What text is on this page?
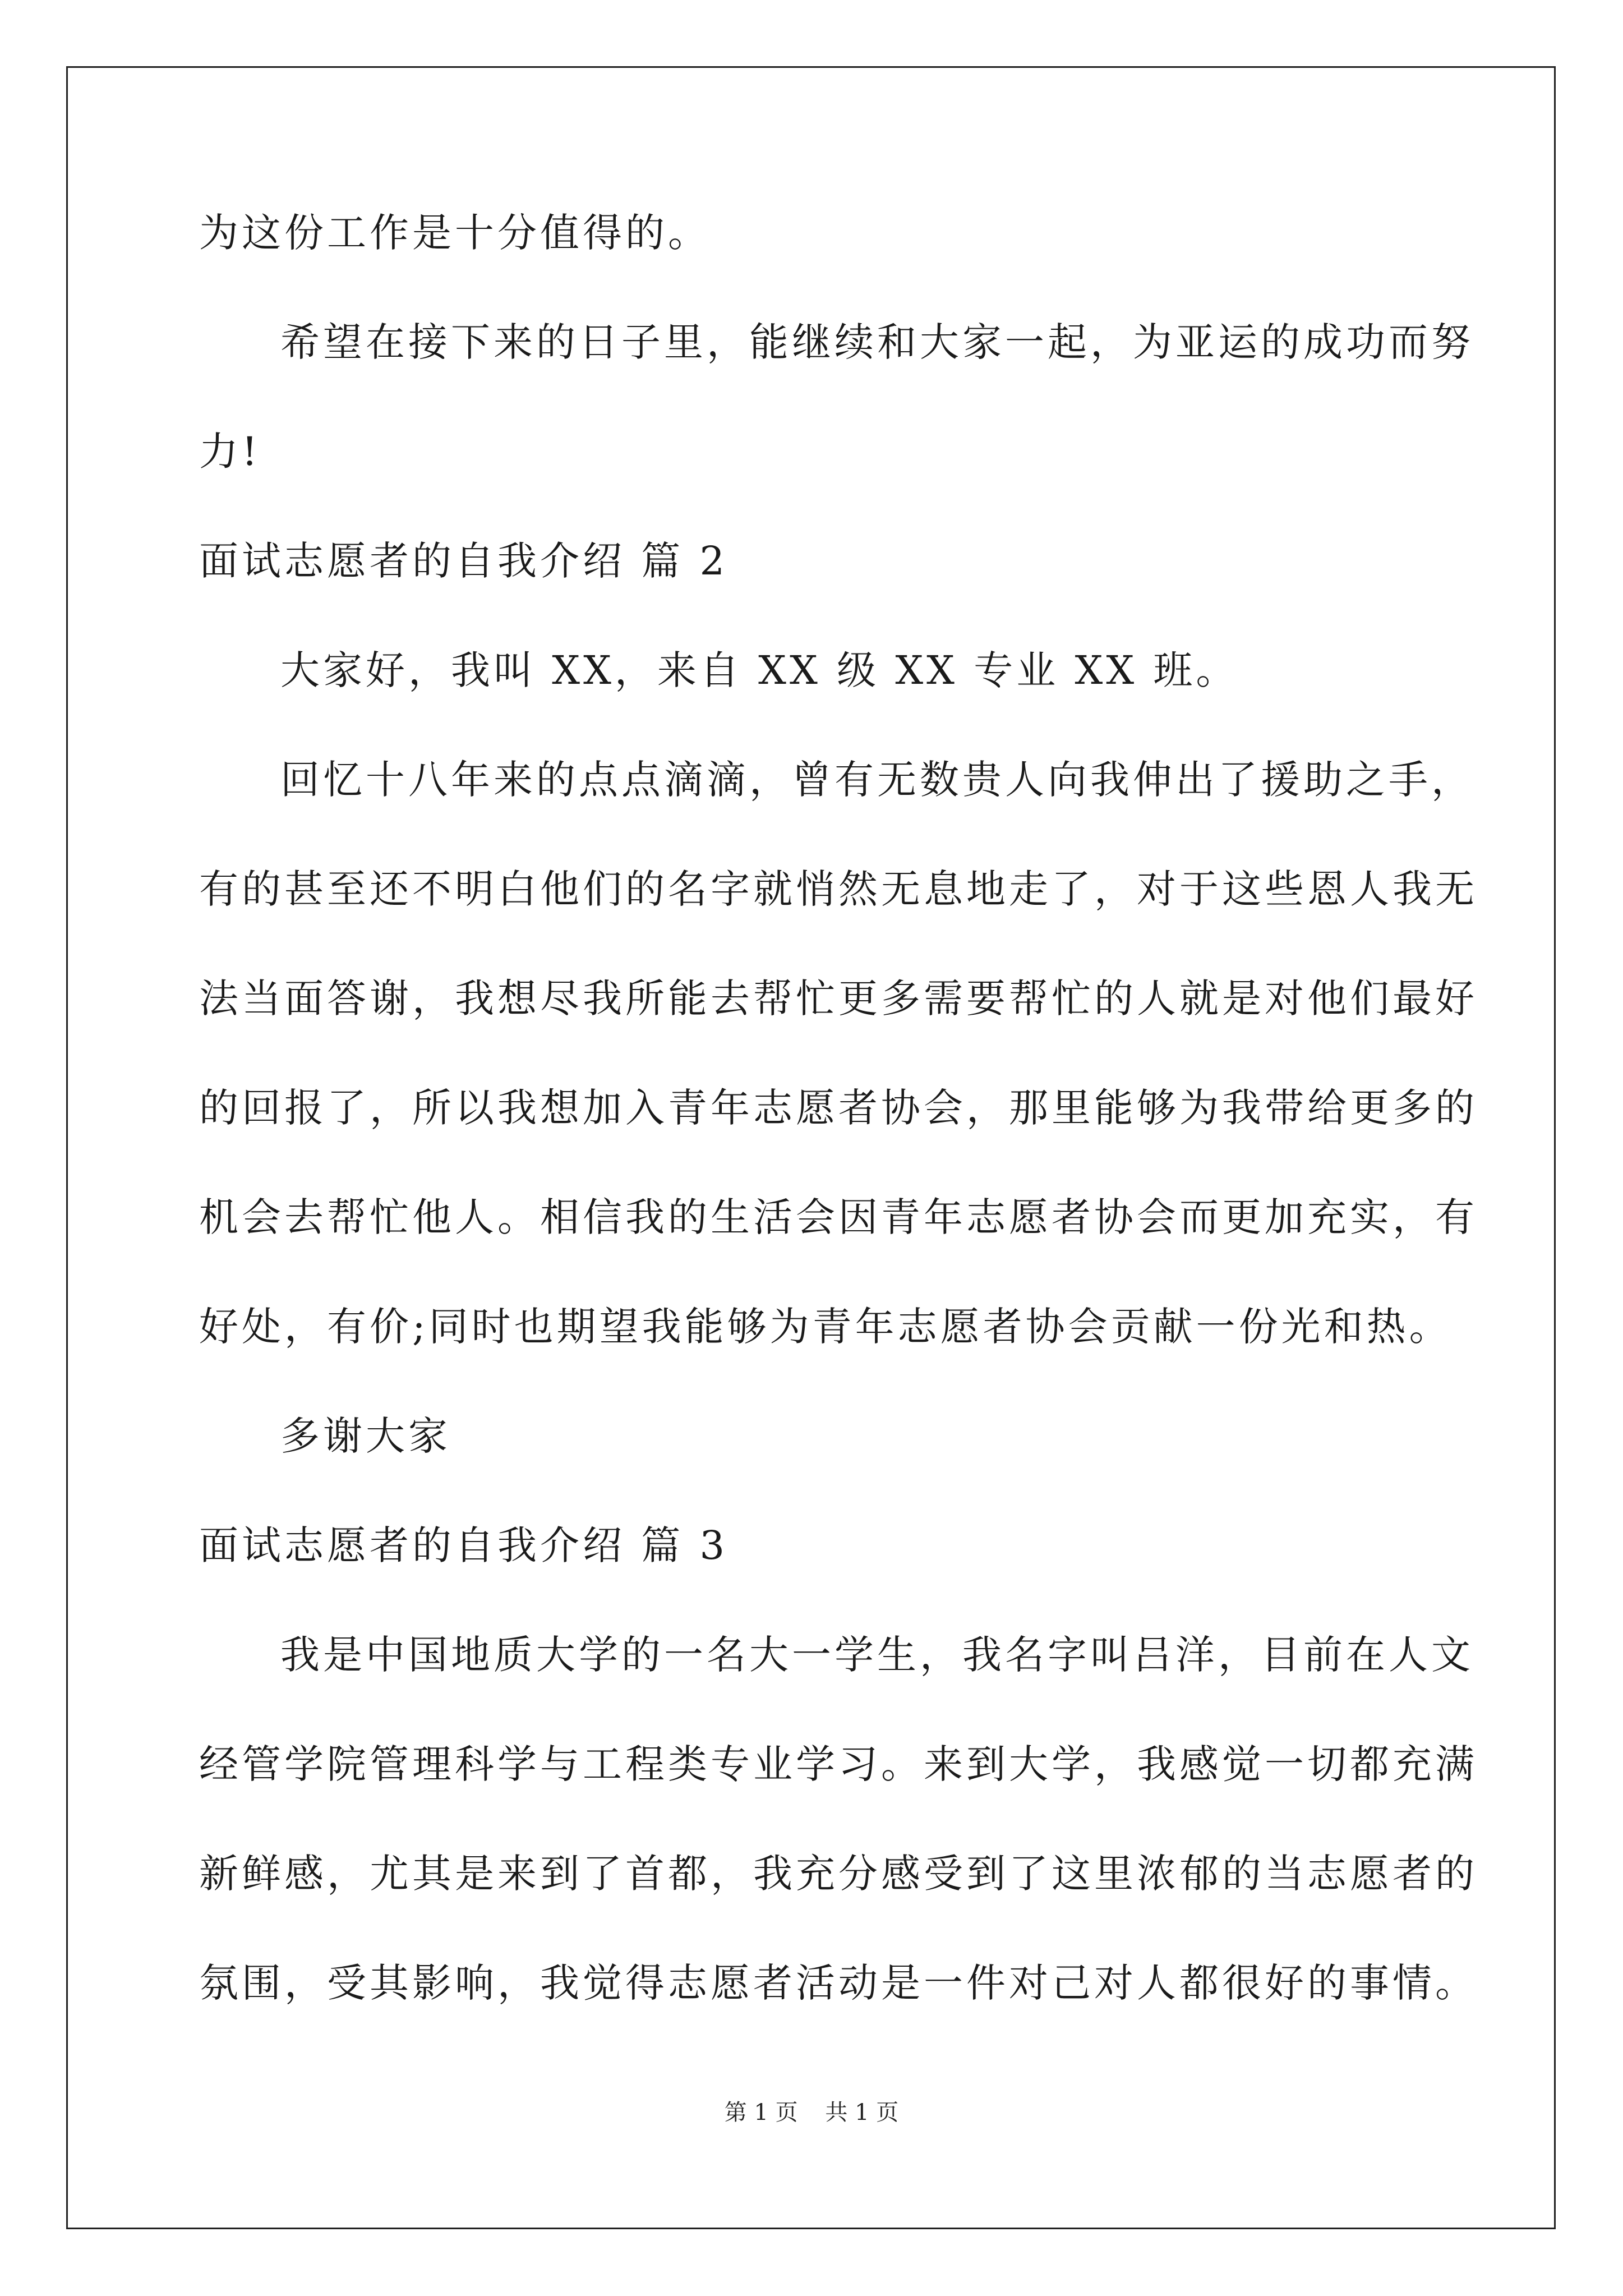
为这份工作是十分值得的。
希望在接下来的日子里，能继续和大家一起，为亚运的成功而努
力!
面试志愿者的自我介绍 篇 2
大家好，我叫 XX，来自 XX 级 XX 专业 XX 班。
回忆十八年来的点点滴滴，曾有无数贵人向我伸出了援助之手，
有的甚至还不明白他们的名字就悄然无息地走了，对于这些恩人我无
法当面答谢，我想尽我所能去帮忙更多需要帮忙的人就是对他们最好
的回报了，所以我想加入青年志愿者协会，那里能够为我带给更多的
机会去帮忙他人。相信我的生活会因青年志愿者协会而更加充实，有
好处，有价;同时也期望我能够为青年志愿者协会贡献一份光和热。
多谢大家
面试志愿者的自我介绍 篇 3
我是中国地质大学的一名大一学生，我名字叫吕洋，目前在人文
经管学院管理科学与工程类专业学习。来到大学，我感觉一切都充满
新鲜感，尤其是来到了首都，我充分感受到了这里浓郁的当志愿者的
氛围，受其影响，我觉得志愿者活动是一件对己对人都很好的事情。
第 1 页 共 1 页
